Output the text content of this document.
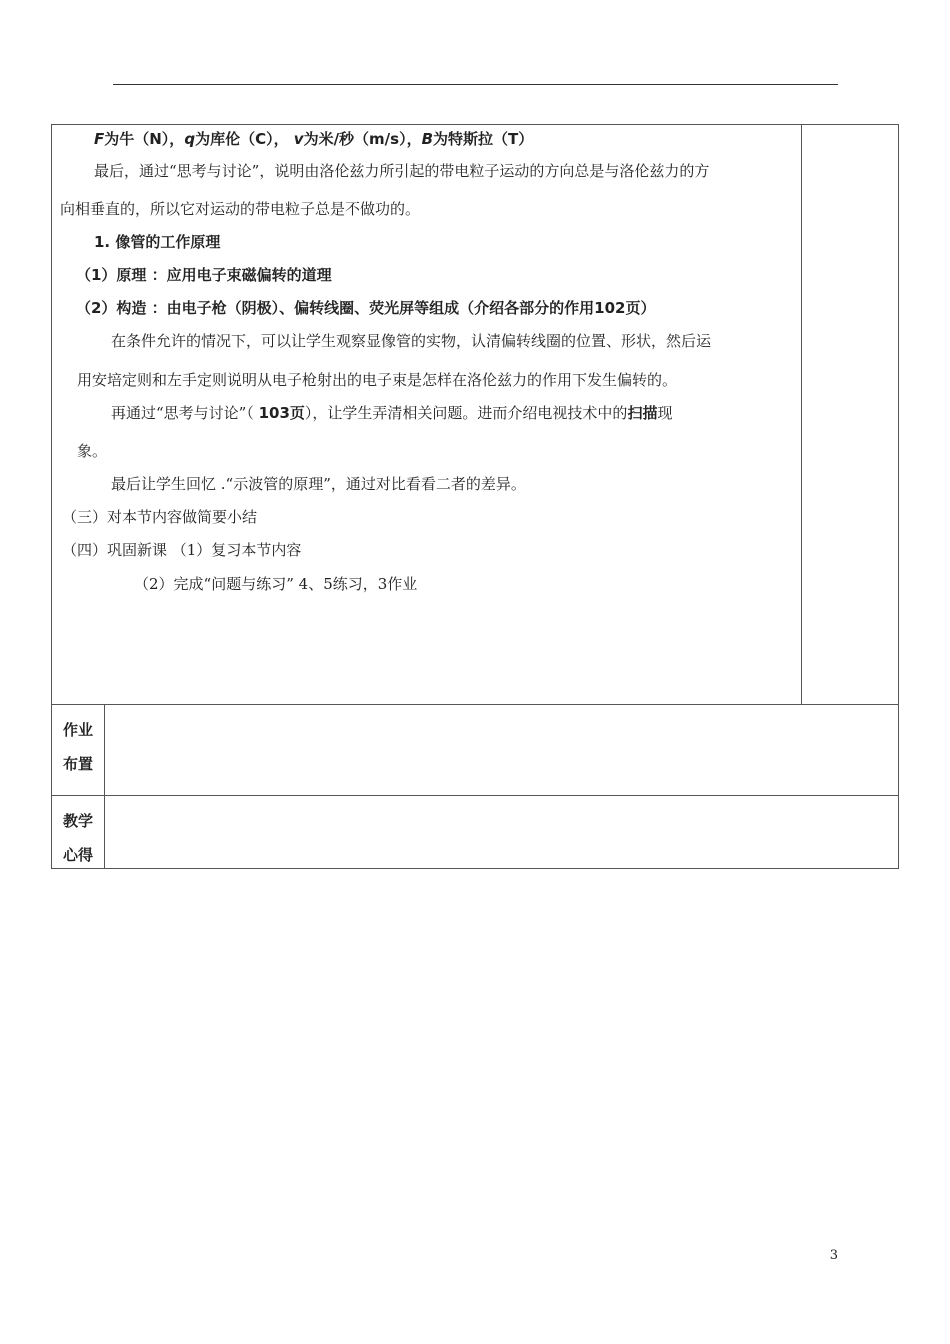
F为牛（N），q为库伦（C）， v为米/秒（m/s），B为特斯拉（T）
最后，通过“思考与讨论”，说明由洛伦兹力所引起的带电粒子运动的方向总是与洛伦兹力的方
向相垂直的，所以它对运动的带电粒子总是不做功的。
1. 像管的工作原理
（1）原理 ：应用电子束磁偏转的道理
（2）构造 ：由电子枪（阴极）、偏转线圈、荧光屏等组成（介绍各部分的作用102页）
在条件允许的情况下，可以让学生观察显像管的实物，认清偏转线圈的位置、形状，然后运
用安培定则和左手定则说明从电子枪射出的电子束是怎样在洛伦兹力的作用下发生偏转的。
再通过“思考与讨论”（ 103页），让学生弄清相关问题。进而介绍电视技术中的扫描现
象。
最后让学生回忆 .“示波管的原理”，通过对比看看二者的差异。
（三）对本节内容做简要小结
（四）巩固新课 （1）复习本节内容
（2）完成“问题与练习” 4、5练习，3作业
作业
布置
教学
心得
3
